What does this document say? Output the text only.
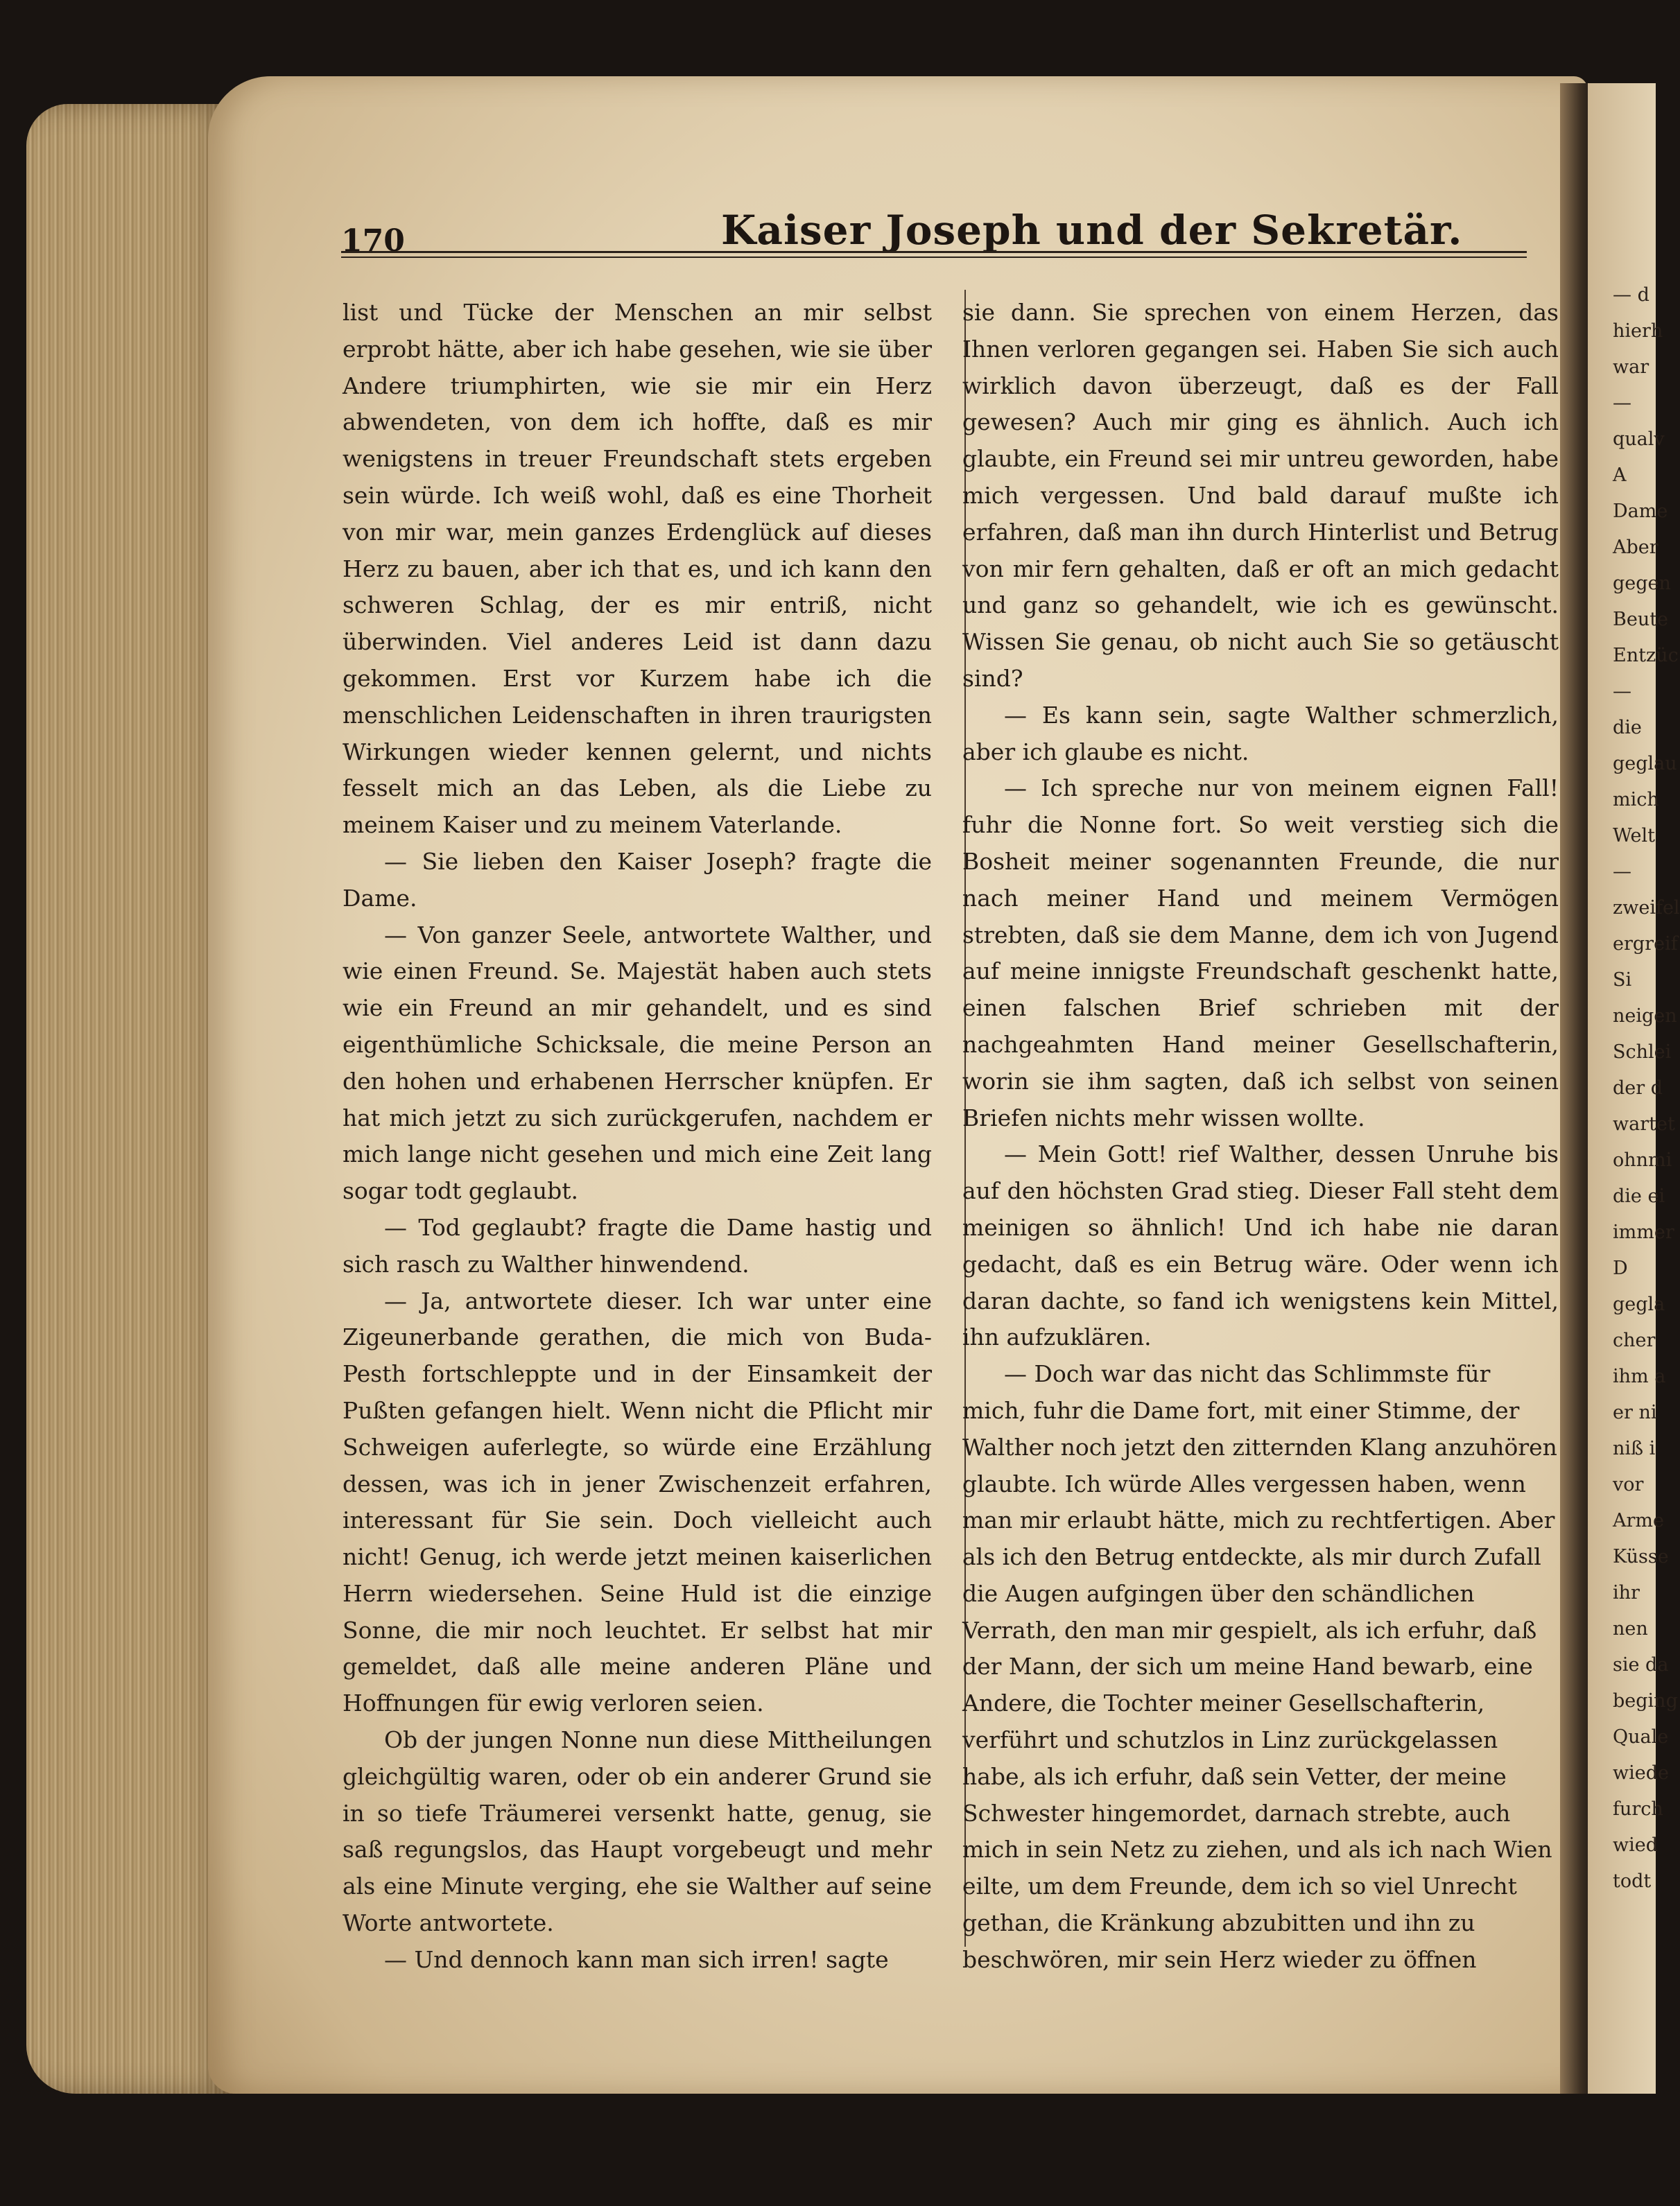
— d
hierh
war
—
qualv
A
Dame
Aber
gegen
Beute
Entzüc
—
die
geglau
mich
Welt
—
zweifel
ergreif
Si
neigen
Schlei
der d
wartet
ohnmi
die ei
immer
D
gegla
cher
ihm a
er ni
niß i
vor
Arme
Küsse
ihr
nen
sie da
beging
Quale
wiede
furch
wied
todt
170	Kaiser Joseph und der Sekretär.

list und Tücke der Menschen an mir selbst erprobt hätte, aber ich habe gesehen, wie sie über Andere triumphirten, wie sie mir ein Herz abwendeten, von dem ich hoffte, daß es mir wenigstens in treuer Freundschaft stets ergeben sein würde. Ich weiß wohl, daß es eine Thorheit von mir war, mein ganzes Erdenglück auf dieses Herz zu bauen, aber ich that es, und ich kann den schweren Schlag, der es mir entriß, nicht überwinden. Viel anderes Leid ist dann dazu gekommen. Erst vor Kurzem habe ich die menschlichen Leidenschaften in ihren traurigsten Wirkungen wieder kennen gelernt, und nichts fesselt mich an das Leben, als die Liebe zu meinem Kaiser und zu meinem Vaterlande.

— Sie lieben den Kaiser Joseph? fragte die Dame.

— Von ganzer Seele, antwortete Walther, und wie einen Freund. Se. Majestät haben auch stets wie ein Freund an mir gehandelt, und es sind eigenthümliche Schicksale, die meine Person an den hohen und erhabenen Herrscher knüpfen. Er hat mich jetzt zu sich zurückgerufen, nachdem er mich lange nicht gesehen und mich eine Zeit lang sogar todt geglaubt.

— Tod geglaubt? fragte die Dame hastig und sich rasch zu Walther hinwendend.

— Ja, antwortete dieser. Ich war unter eine Zigeunerbande gerathen, die mich von Buda-Pesth fortschleppte und in der Einsamkeit der Pußten gefangen hielt. Wenn nicht die Pflicht mir Schweigen auferlegte, so würde eine Erzählung dessen, was ich in jener Zwischenzeit erfahren, interessant für Sie sein. Doch vielleicht auch nicht! Genug, ich werde jetzt meinen kaiserlichen Herrn wiedersehen. Seine Huld ist die einzige Sonne, die mir noch leuchtet. Er selbst hat mir gemeldet, daß alle meine anderen Pläne und Hoffnungen für ewig verloren seien.

Ob der jungen Nonne nun diese Mittheilungen gleichgültig waren, oder ob ein anderer Grund sie in so tiefe Träumerei versenkt hatte, genug, sie saß regungslos, das Haupt vorgebeugt und mehr als eine Minute verging, ehe sie Walther auf seine Worte antwortete.

— Und dennoch kann man sich irren! sagte

sie dann. Sie sprechen von einem Herzen, das Ihnen verloren gegangen sei. Haben Sie sich auch wirklich davon überzeugt, daß es der Fall gewesen? Auch mir ging es ähnlich. Auch ich glaubte, ein Freund sei mir untreu geworden, habe mich vergessen. Und bald darauf mußte ich erfahren, daß man ihn durch Hinterlist und Betrug von mir fern gehalten, daß er oft an mich gedacht und ganz so gehandelt, wie ich es gewünscht. Wissen Sie genau, ob nicht auch Sie so getäuscht sind?

— Es kann sein, sagte Walther schmerzlich, aber ich glaube es nicht.

— Ich spreche nur von meinem eignen Fall! fuhr die Nonne fort. So weit verstieg sich die Bosheit meiner sogenannten Freunde, die nur nach meiner Hand und meinem Vermögen strebten, daß sie dem Manne, dem ich von Jugend auf meine innigste Freundschaft geschenkt hatte, einen falschen Brief schrieben mit der nachgeahmten Hand meiner Gesellschafterin, worin sie ihm sagten, daß ich selbst von seinen Briefen nichts mehr wissen wollte.

— Mein Gott! rief Walther, dessen Unruhe bis auf den höchsten Grad stieg. Dieser Fall steht dem meinigen so ähnlich! Und ich habe nie daran gedacht, daß es ein Betrug wäre. Oder wenn ich daran dachte, so fand ich wenigstens kein Mittel, ihn aufzuklären.

— Doch war das nicht das Schlimmste für mich, fuhr die Dame fort, mit einer Stimme, der Walther noch jetzt den zitternden Klang anzuhören glaubte. Ich würde Alles vergessen haben, wenn man mir erlaubt hätte, mich zu rechtfertigen. Aber als ich den Betrug entdeckte, als mir durch Zufall die Augen aufgingen über den schändlichen Verrath, den man mir gespielt, als ich erfuhr, daß der Mann, der sich um meine Hand bewarb, eine Andere, die Tochter meiner Gesellschafterin, verführt und schutzlos in Linz zurückgelassen habe, als ich erfuhr, daß sein Vetter, der meine Schwester hingemordet, darnach strebte, auch mich in sein Netz zu ziehen, und als ich nach Wien eilte, um dem Freunde, dem ich so viel Unrecht gethan, die Kränkung abzubitten und ihn zu beschwören, mir sein Herz wieder zu öffnen
